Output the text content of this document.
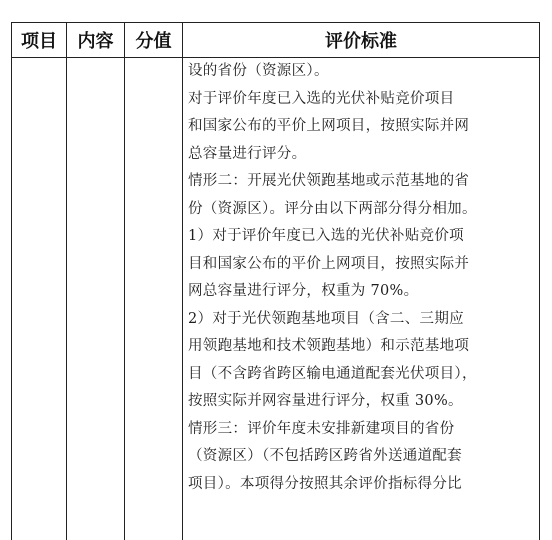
项目	内容	分值	评价标准
设的省份（资源区）。
对于评价年度已入选的光伏补贴竞价项目
和国家公布的平价上网项目，按照实际并网
总容量进行评分。
情形二：开展光伏领跑基地或示范基地的省
份（资源区）。评分由以下两部分得分相加。
1）对于评价年度已入选的光伏补贴竞价项
目和国家公布的平价上网项目，按照实际并
网总容量进行评分，权重为 70%。
2）对于光伏领跑基地项目（含二、三期应
用领跑基地和技术领跑基地）和示范基地项
目（不含跨省跨区输电通道配套光伏项目），
按照实际并网容量进行评分，权重 30%。
情形三：评价年度未安排新建项目的省份
（资源区）（不包括跨区跨省外送通道配套
项目）。本项得分按照其余评价指标得分比
